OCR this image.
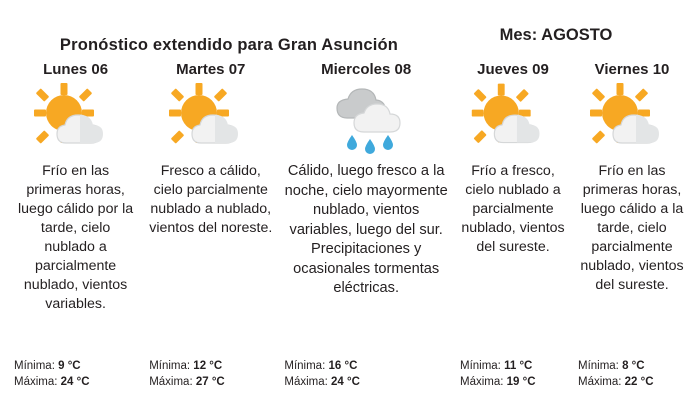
Pronóstico extendido para Gran Asunción
Mes: AGOSTO
Lunes 06
Frío en las primeras horas, luego cálido por la tarde, cielo nublado a parcialmente nublado, vientos variables.
Mínima: 9 °C
Máxima: 24 °C
Martes 07
Fresco a cálido, cielo parcialmente nublado a nublado, vientos del noreste.
Mínima: 12 °C
Máxima: 27 °C
Miercoles 08
Cálido, luego fresco a la noche, cielo mayormente nublado, vientos variables, luego del sur. Precipitaciones y ocasionales tormentas eléctricas.
Mínima: 16 °C
Máxima: 24 °C
Jueves 09
Frío a fresco, cielo nublado a parcialmente nublado, vientos del sureste.
Mínima: 11 °C
Máxima: 19 °C
Viernes 10
Frío en las primeras horas, luego cálido a la tarde, cielo parcialmente nublado, vientos del sureste.
Mínima: 8 °C
Máxima: 22 °C
